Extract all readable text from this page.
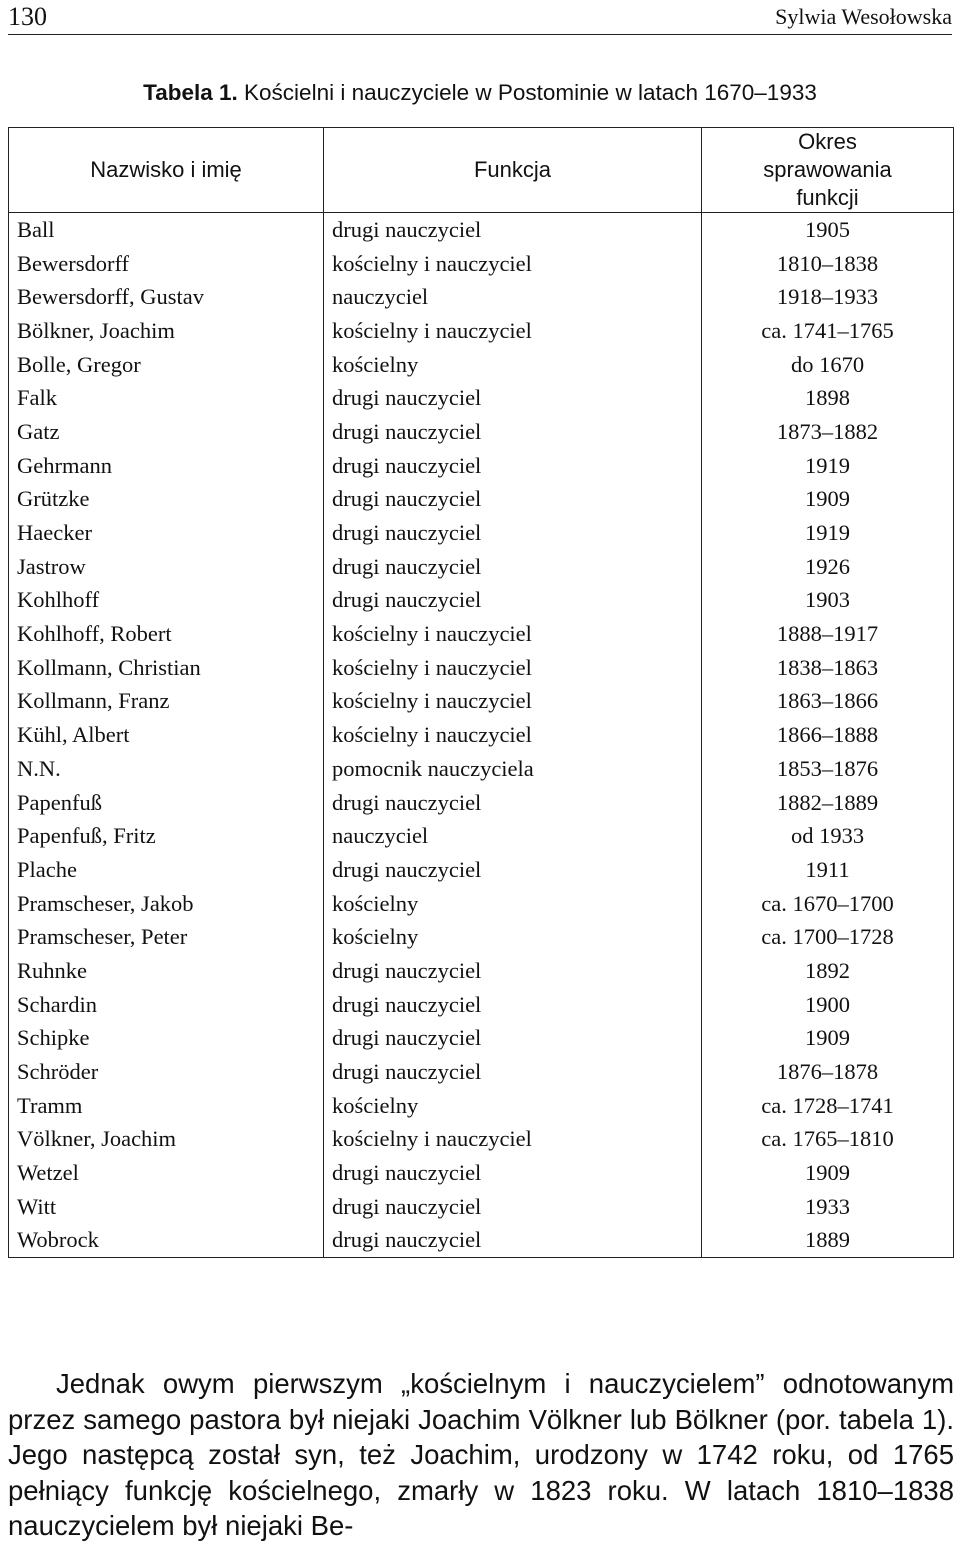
130	Sylwia Wesołowska
Tabela 1. Kościelni i nauczyciele w Postominie w latach 1670–1933
Nazwisko i imię	Funkcja	Okres sprawowania funkcji
Ball	drugi nauczyciel	1905
Bewersdorff	kościelny i nauczyciel	1810–1838
Bewersdorff, Gustav	nauczyciel	1918–1933
Bölkner, Joachim	kościelny i nauczyciel	ca. 1741–1765
Bolle, Gregor	kościelny	do 1670
Falk	drugi nauczyciel	1898
Gatz	drugi nauczyciel	1873–1882
Gehrmann	drugi nauczyciel	1919
Grützke	drugi nauczyciel	1909
Haecker	drugi nauczyciel	1919
Jastrow	drugi nauczyciel	1926
Kohlhoff	drugi nauczyciel	1903
Kohlhoff, Robert	kościelny i nauczyciel	1888–1917
Kollmann, Christian	kościelny i nauczyciel	1838–1863
Kollmann, Franz	kościelny i nauczyciel	1863–1866
Kühl, Albert	kościelny i nauczyciel	1866–1888
N.N.	pomocnik nauczyciela	1853–1876
Papenfuß	drugi nauczyciel	1882–1889
Papenfuß, Fritz	nauczyciel	od 1933
Plache	drugi nauczyciel	1911
Pramscheser, Jakob	kościelny	ca. 1670–1700
Pramscheser, Peter	kościelny	ca. 1700–1728
Ruhnke	drugi nauczyciel	1892
Schardin	drugi nauczyciel	1900
Schipke	drugi nauczyciel	1909
Schröder	drugi nauczyciel	1876–1878
Tramm	kościelny	ca. 1728–1741
Völkner, Joachim	kościelny i nauczyciel	ca. 1765–1810
Wetzel	drugi nauczyciel	1909
Witt	drugi nauczyciel	1933
Wobrock	drugi nauczyciel	1889

Jednak owym pierwszym „kościelnym i nauczycielem” odnotowanym przez samego pastora był niejaki Joachim Völkner lub Bölkner (por. tabela 1). Jego następcą został syn, też Joachim, urodzony w 1742 roku, od 1765 pełniący funkcję kościelnego, zmarły w 1823 roku. W latach 1810–1838 nauczycielem był niejaki Be-
